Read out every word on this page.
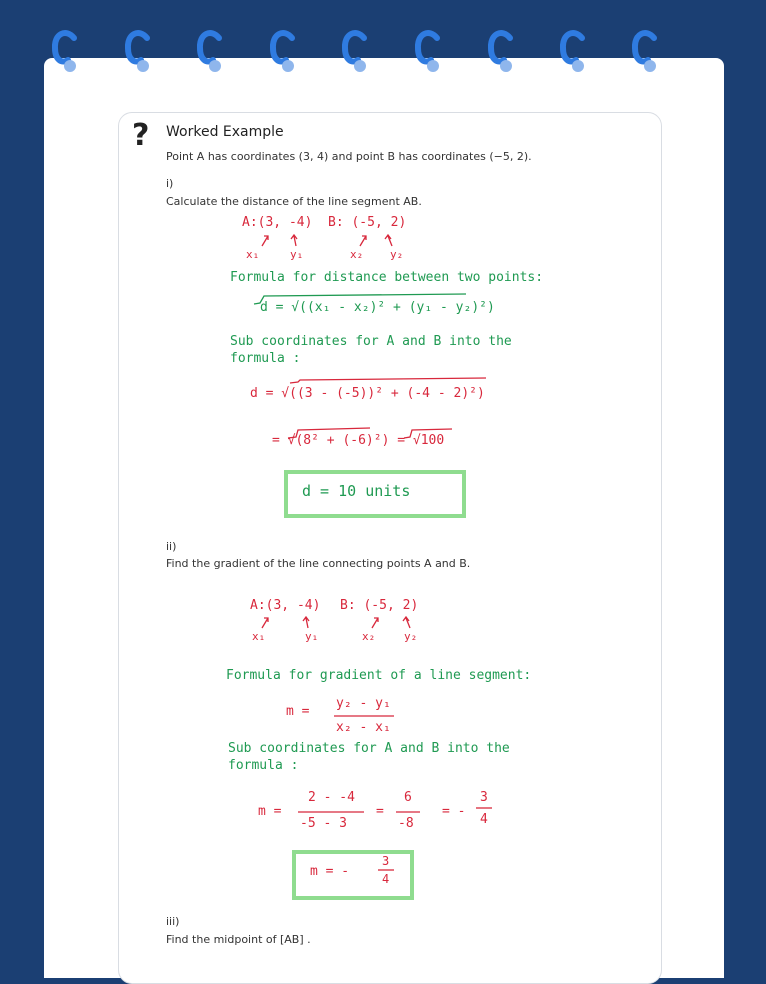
? Worked Example
Point A has coordinates (3, 4) and point B has coordinates (−5, 2).
i)
Calculate the distance of the line segment AB.
A:(3, -4) B: (-5, 2)
x₁	y₁	x₂ y₂
Formula for distance between two points:
d = √((x₁ - x₂)² + (y₁ - y₂)²)
Sub coordinates for A and B into the
formula :
d = √((3 - (-5))² + (-4 - 2)²)
= √(8² + (-6)²) = √100
d = 10 units
ii)
Find the gradient of the line connecting points A and B.
A:(3, -4) B: (-5, 2)
x₁	y₁	x₂	y₂
Formula for gradient of a line segment:
m =
y₂ - y₁
x₂ - x₁
Sub coordinates for A and B into the
formula :
m =
2 - -4
-5 - 3
=
6
-8
= -
3
4
m = -
3
4
iii)
Find the midpoint of [AB] .
